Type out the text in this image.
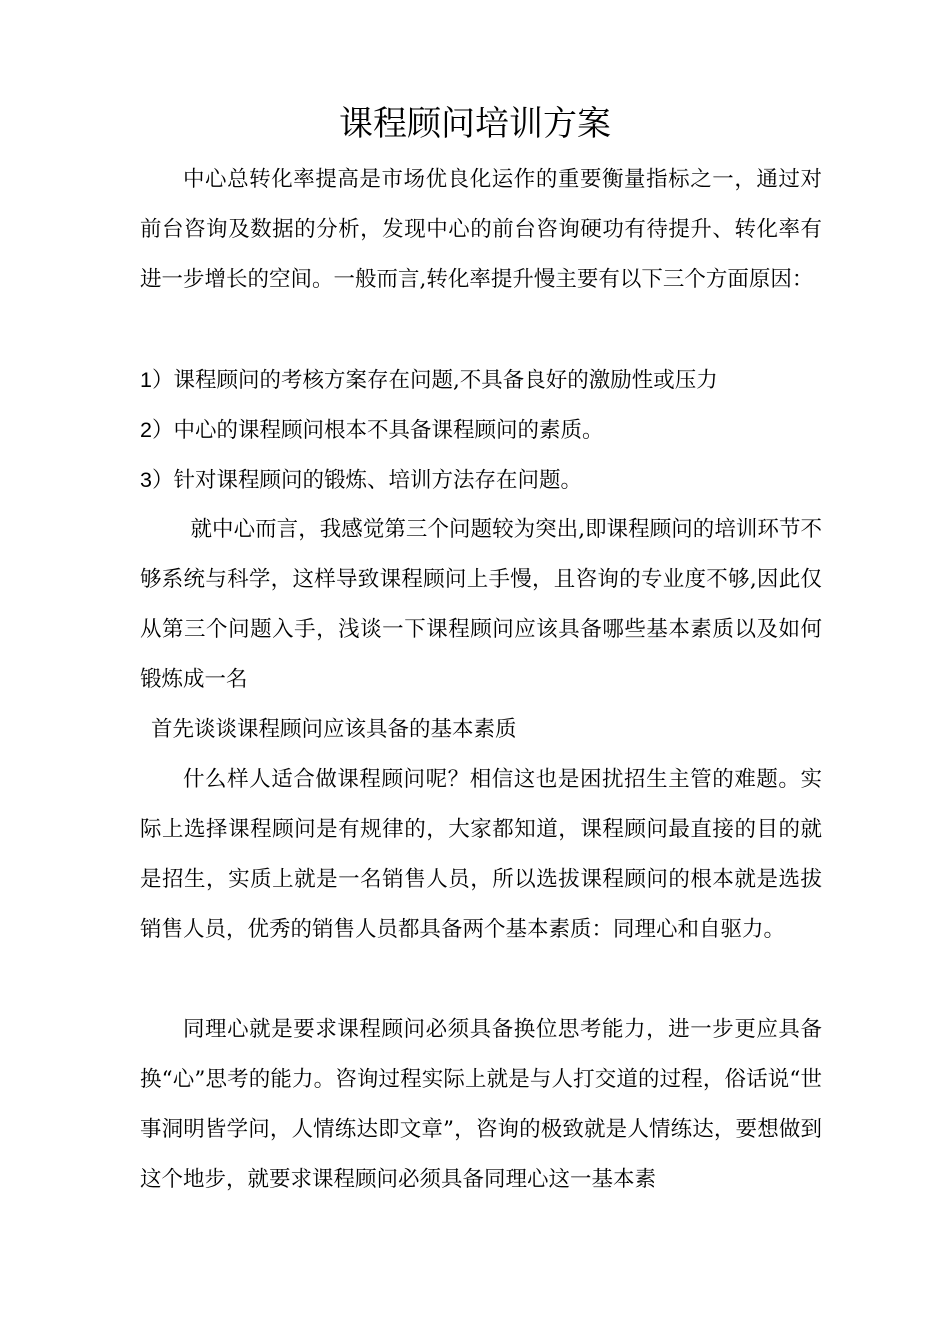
课程顾问培训方案

中心总转化率提高是市场优良化运作的重要衡量指标之一，通过对前台咨询及数据的分析，发现中心的前台咨询硬功有待提升、转化率有进一步增长的空间。一般而言,转化率提升慢主要有以下三个方面原因：

1）课程顾问的考核方案存在问题,不具备良好的激励性或压力

2）中心的课程顾问根本不具备课程顾问的素质。

3）针对课程顾问的锻炼、培训方法存在问题。

就中心而言，我感觉第三个问题较为突出,即课程顾问的培训环节不够系统与科学，这样导致课程顾问上手慢，且咨询的专业度不够,因此仅从第三个问题入手，浅谈一下课程顾问应该具备哪些基本素质以及如何锻炼成一名

首先谈谈课程顾问应该具备的基本素质

什么样人适合做课程顾问呢？相信这也是困扰招生主管的难题。实际上选择课程顾问是有规律的，大家都知道，课程顾问最直接的目的就是招生，实质上就是一名销售人员，所以选拔课程顾问的根本就是选拔销售人员，优秀的销售人员都具备两个基本素质：同理心和自驱力。

同理心就是要求课程顾问必须具备换位思考能力，进一步更应具备换“心”思考的能力。咨询过程实际上就是与人打交道的过程，俗话说“世事洞明皆学问，人情练达即文章”，咨询的极致就是人情练达，要想做到这个地步，就要求课程顾问必须具备同理心这一基本素
